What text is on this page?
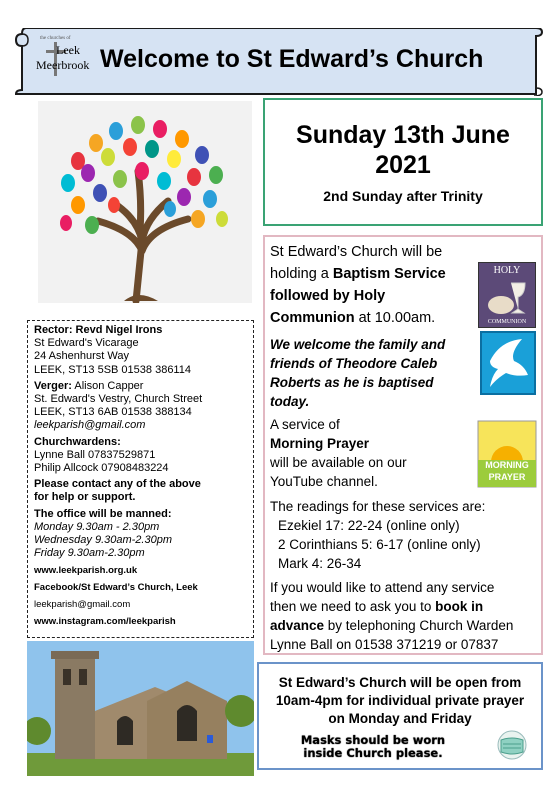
the churches of
Leek
Meerbrook Welcome to St Edward’s Church
Sunday 13th June
2021
2nd Sunday after Trinity
St Edward’s Church will be
holding a Baptism Service
followed by Holy
Communion at 10.00am.
We welcome the family and
friends of Theodore Caleb
Roberts as he is baptised
today.
A service of
Morning Prayer
will be available on our
YouTube channel.
The readings for these services are:
Ezekiel 17: 22-24 (online only)
2 Corinthians 5: 6-17 (online only)
Mark 4: 26-34
If you would like to attend any service
then we need to ask you to book in
advance by telephoning Church Warden
Lynne Ball on 01538 371219 or 07837
HOLY
COMMUNION
MORNING
PRAYER
Rector: Revd Nigel Irons
St Edward's Vicarage
24 Ashenhurst Way
LEEK, ST13 5SB 01538 386114
Verger: Alison Capper
St. Edward's Vestry, Church Street
LEEK, ST13 6AB 01538 388134
leekparish@gmail.com
Churchwardens:
Lynne Ball 07837529871
Philip Allcock 07908483224
Please contact any of the above
for help or support.
The office will be manned:
Monday 9.30am - 2.30pm
Wednesday 9.30am-2.30pm
Friday 9.30am-2.30pm
www.leekparish.org.uk
Facebook/St Edward’s Church, Leek
leekparish@gmail.com
www.instagram.com/leekparish
St Edward’s Church will be open from
10am-4pm for individual private prayer
on Monday and Friday
Masks should be worn
inside Church please.
